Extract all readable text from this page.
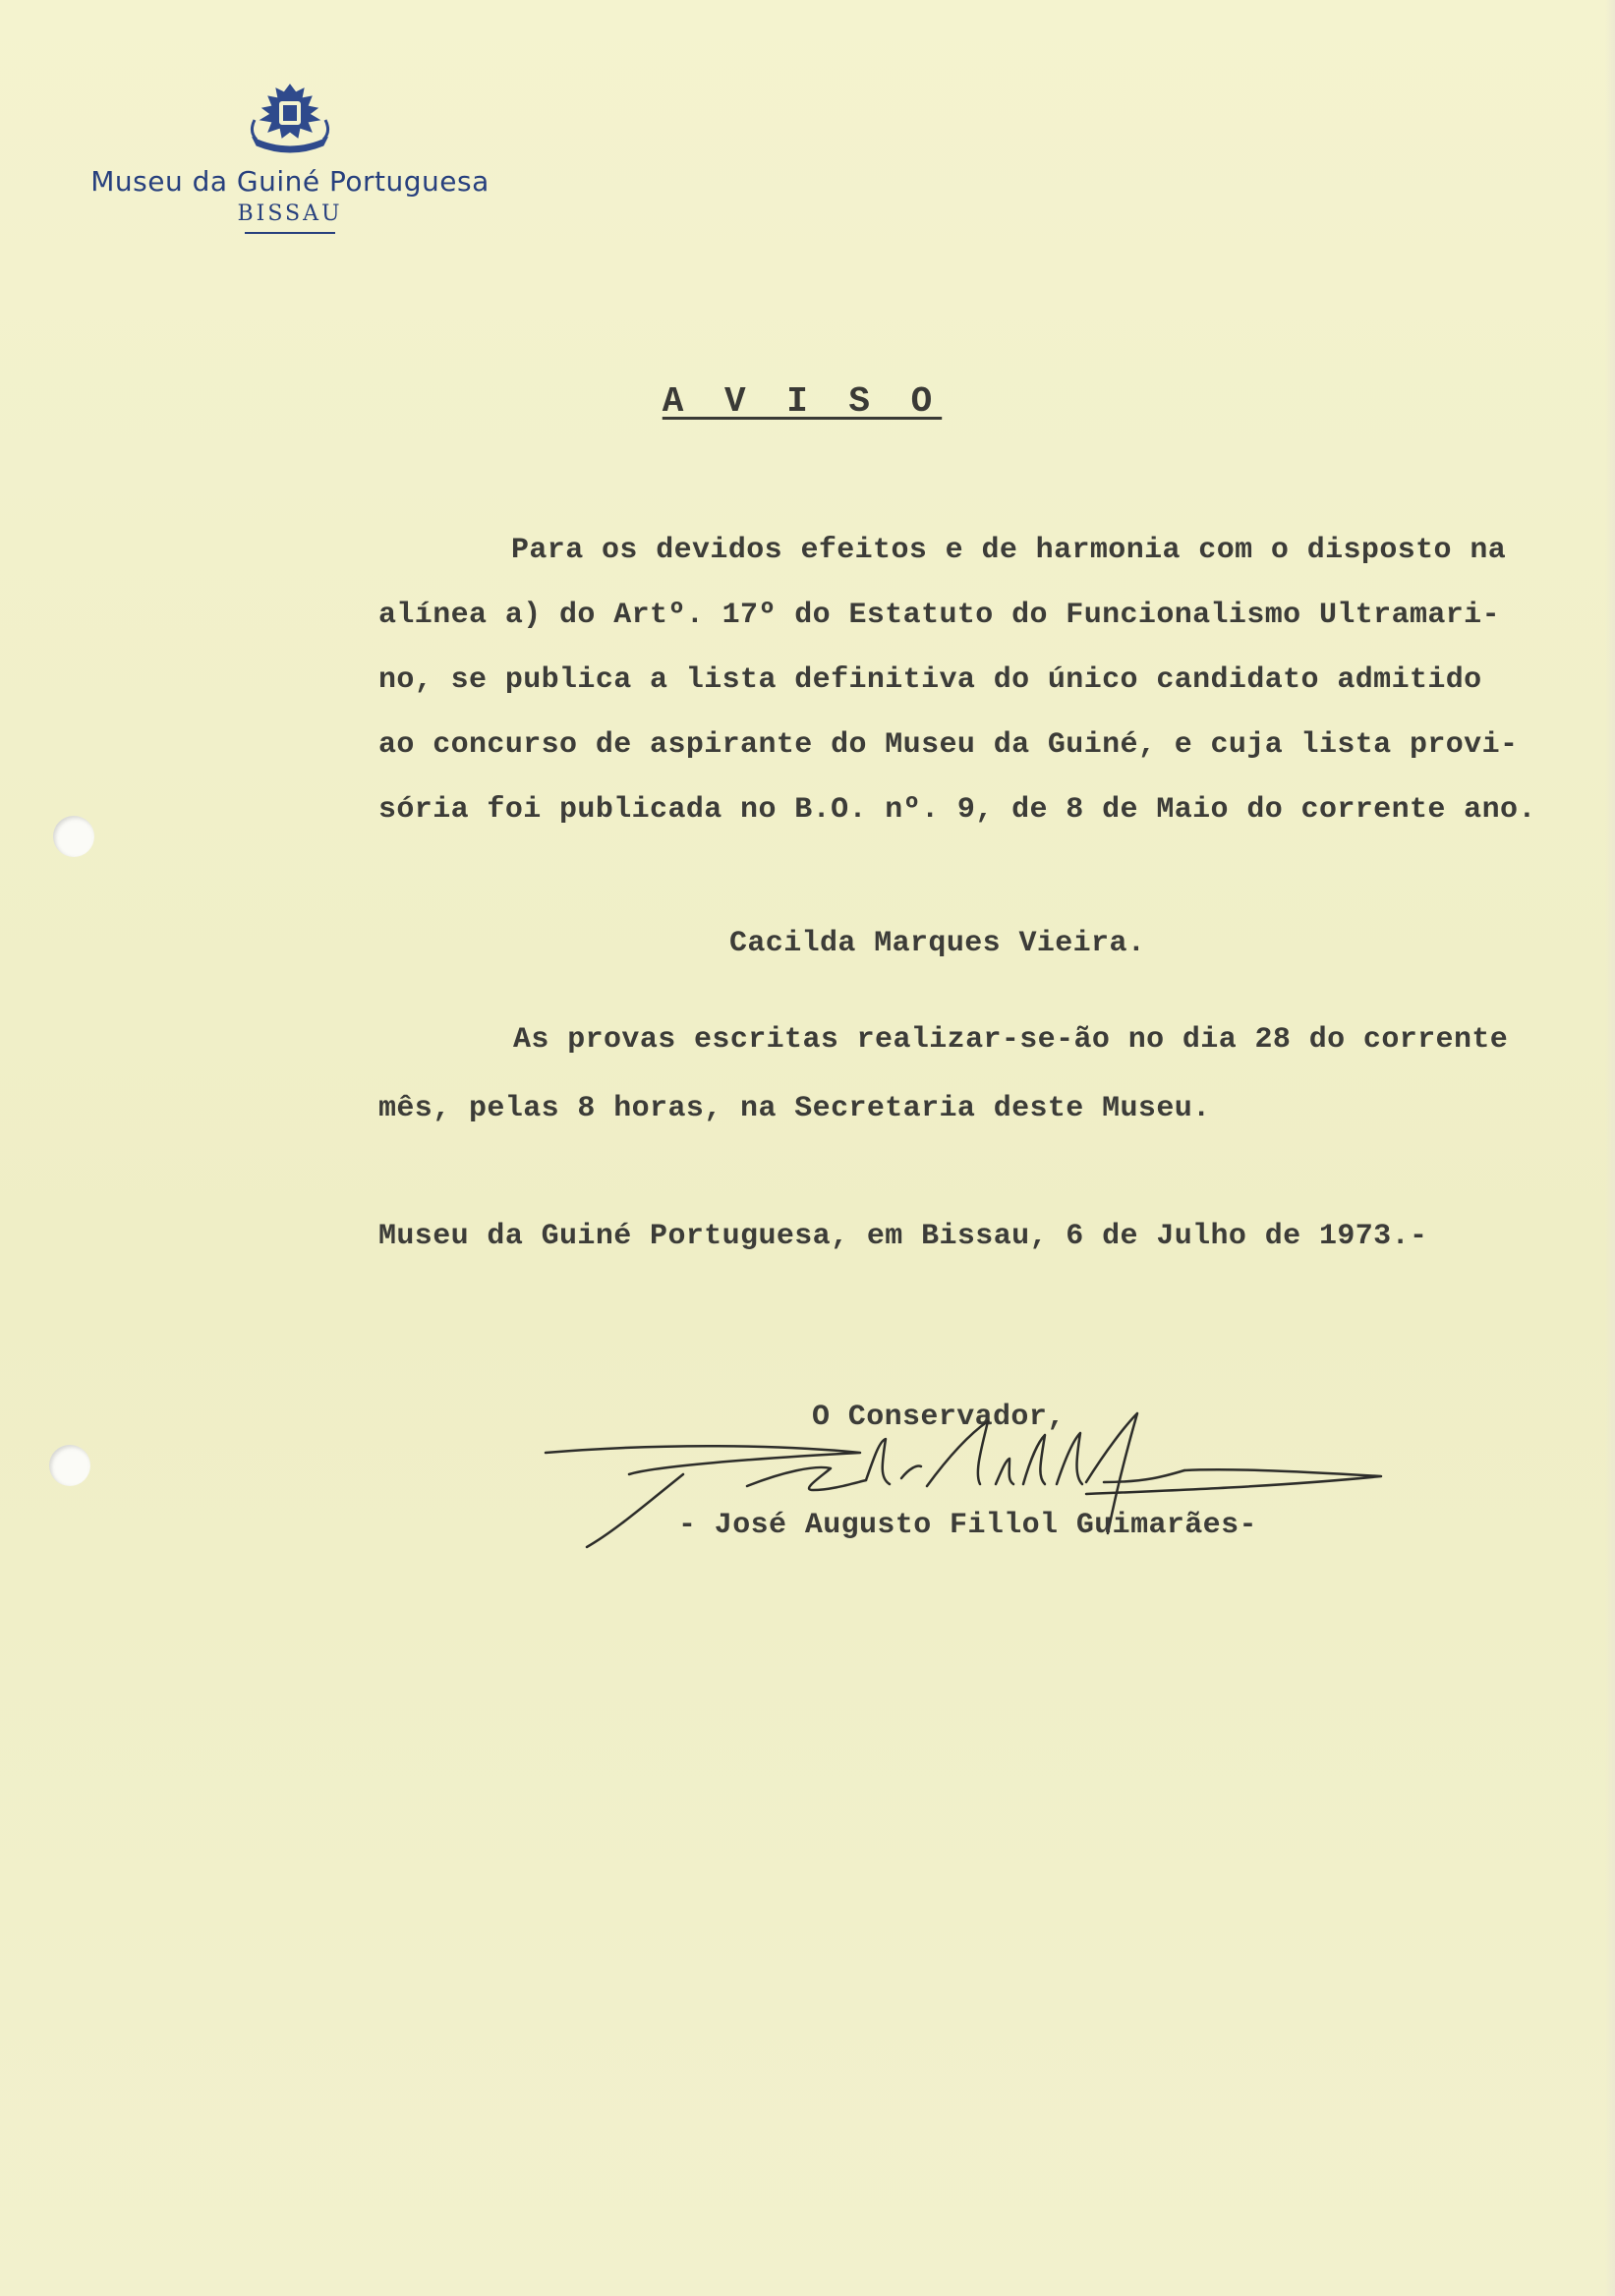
Museu da Guiné Portuguesa
BISSAU
A V I S O
Para os devidos efeitos e de harmonia com o disposto na
alínea a) do Artº. 17º do Estatuto do Funcionalismo Ultramari-
no, se publica a lista definitiva do único candidato admitido
ao concurso de aspirante do Museu da Guiné, e cuja lista provi-
sória foi publicada no B.O. nº. 9, de 8 de Maio do corrente ano.
Cacilda Marques Vieira.
As provas escritas realizar-se-ão no dia 28 do corrente
mês, pelas 8 horas, na Secretaria deste Museu.
Museu da Guiné Portuguesa, em Bissau, 6 de Julho de 1973.-
O Conservador,
- José Augusto Fillol Guimarães-
